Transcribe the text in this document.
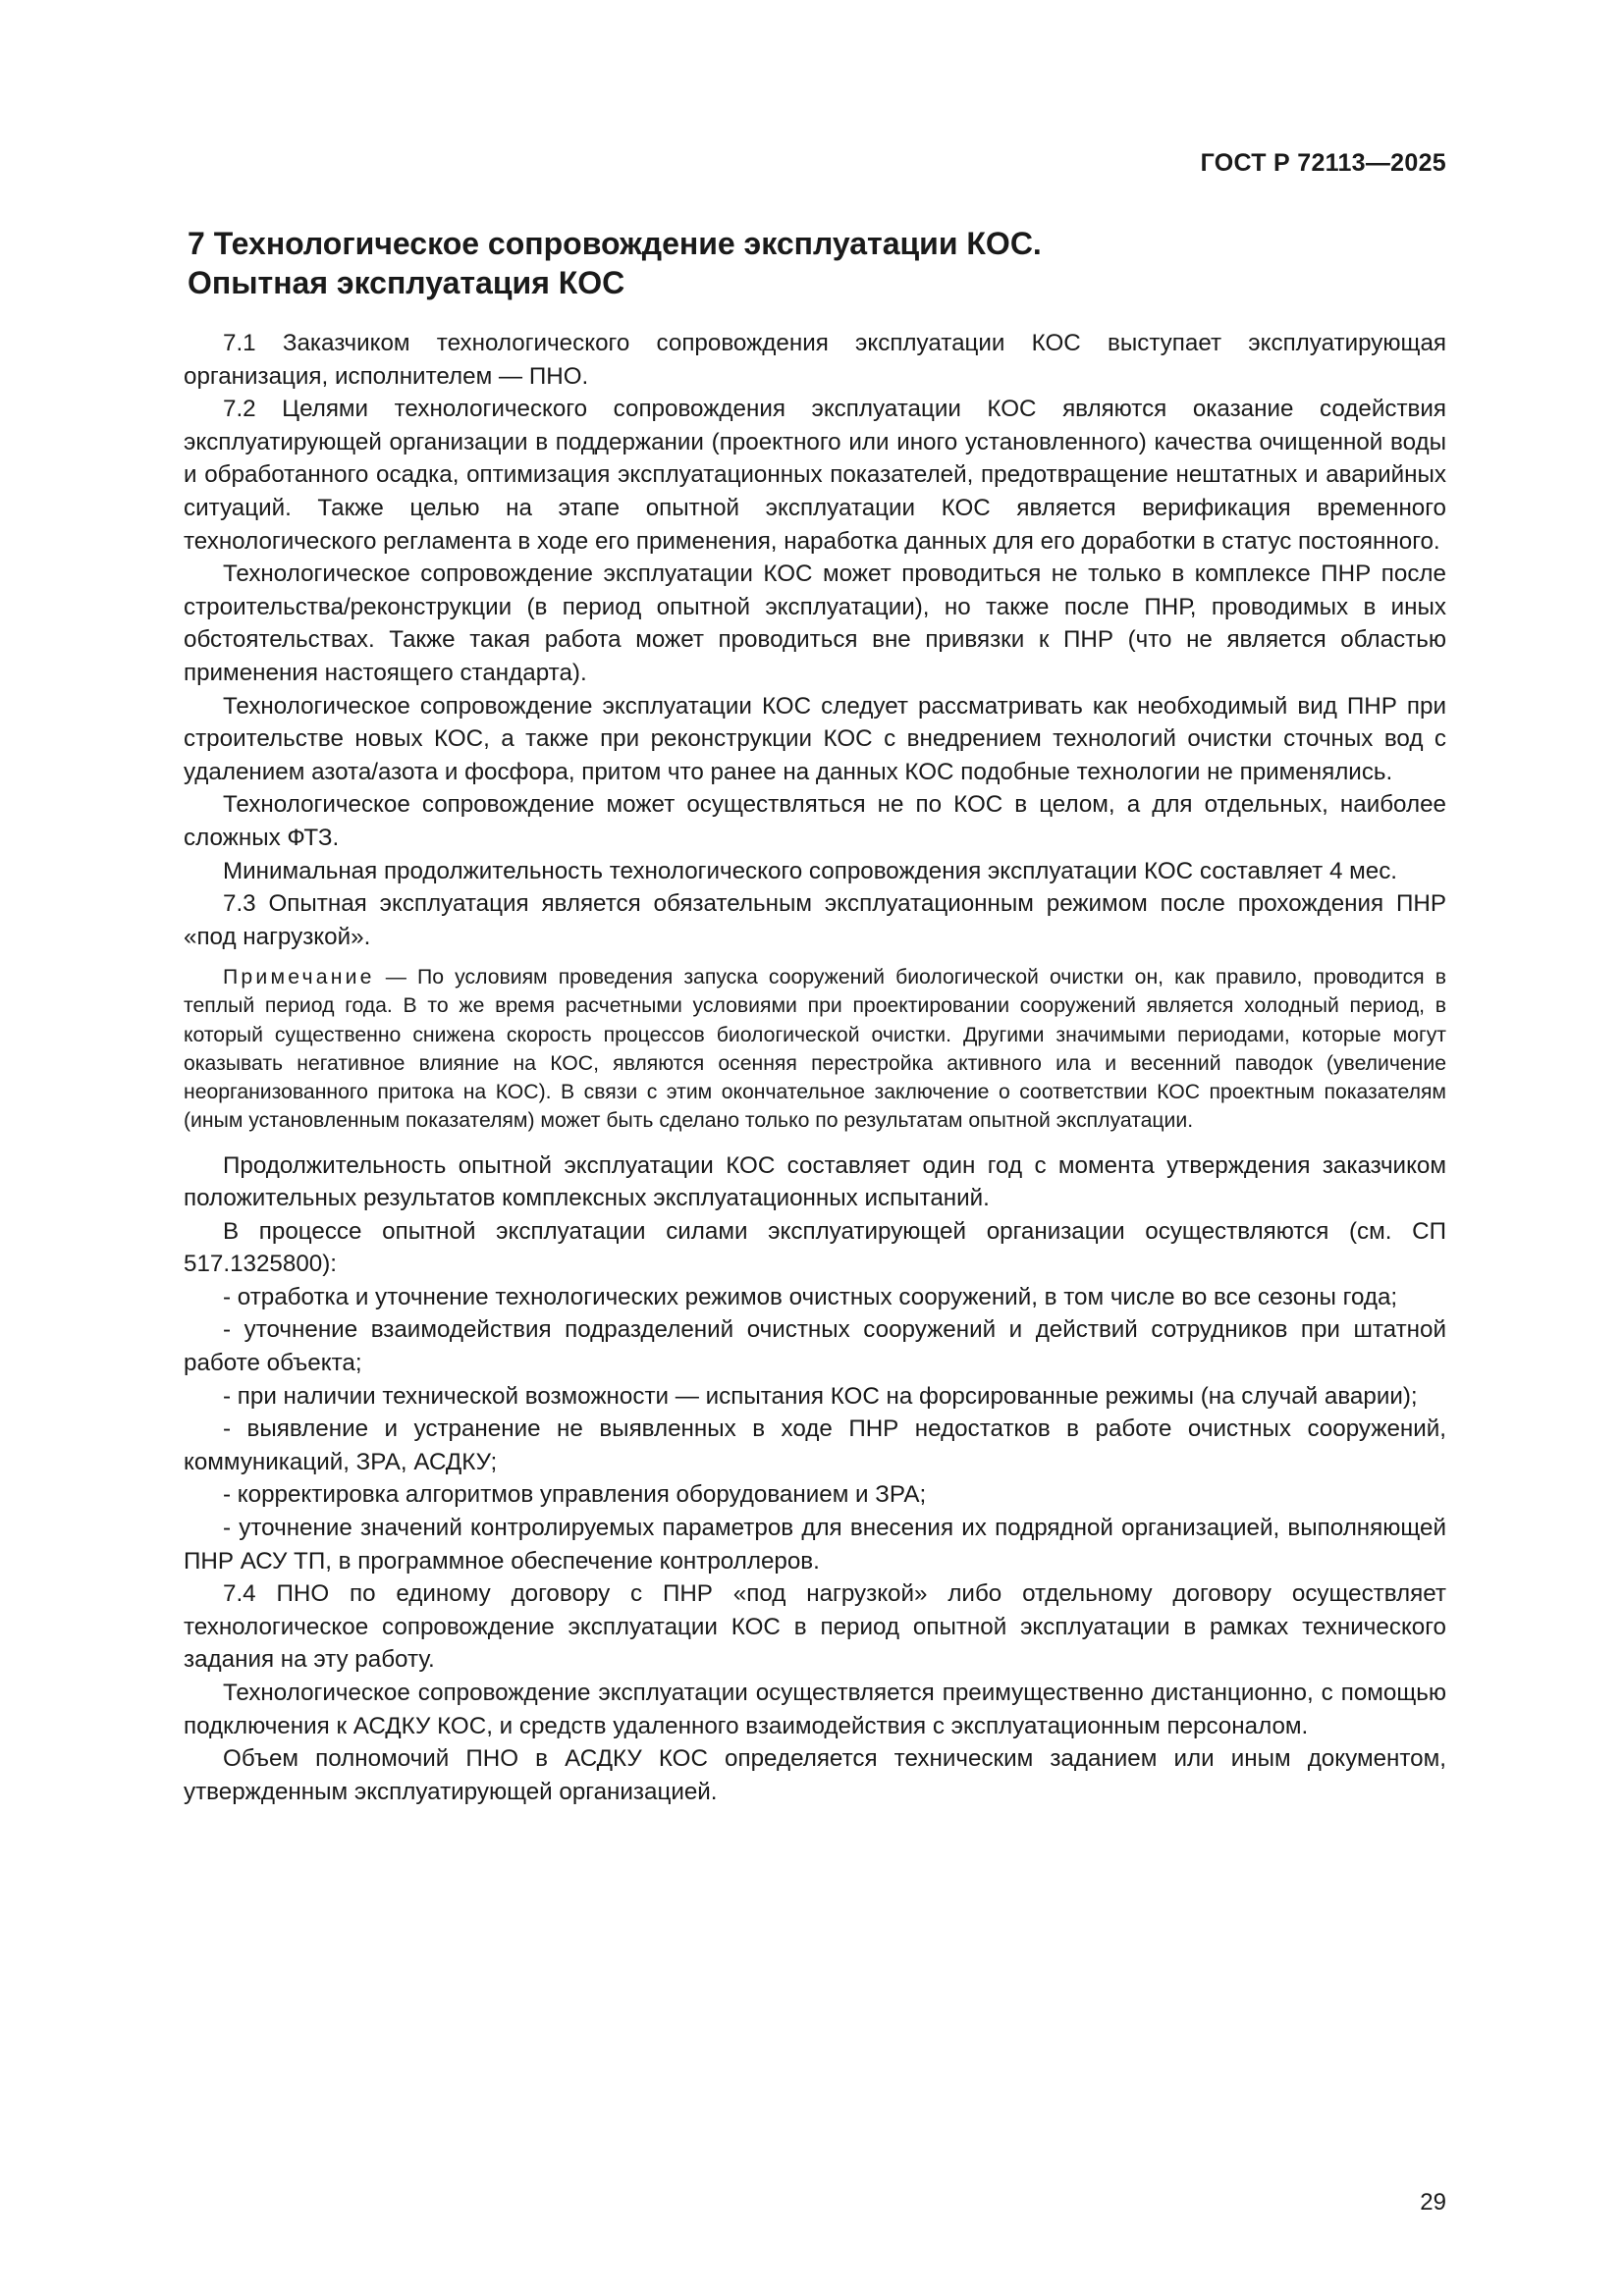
ГОСТ Р 72113—2025
7 Технологическое сопровождение эксплуатации КОС.
Опытная эксплуатация КОС

7.1 Заказчиком технологического сопровождения эксплуатации КОС выступает эксплуатирующая организация, исполнителем — ПНО.

7.2 Целями технологического сопровождения эксплуатации КОС являются оказание содействия эксплуатирующей организации в поддержании (проектного или иного установленного) качества очищенной воды и обработанного осадка, оптимизация эксплуатационных показателей, предотвращение нештатных и аварийных ситуаций. Также целью на этапе опытной эксплуатации КОС является верификация временного технологического регламента в ходе его применения, наработка данных для его доработки в статус постоянного.

Технологическое сопровождение эксплуатации КОС может проводиться не только в комплексе ПНР после строительства/реконструкции (в период опытной эксплуатации), но также после ПНР, проводимых в иных обстоятельствах. Также такая работа может проводиться вне привязки к ПНР (что не является областью применения настоящего стандарта).

Технологическое сопровождение эксплуатации КОС следует рассматривать как необходимый вид ПНР при строительстве новых КОС, а также при реконструкции КОС с внедрением технологий очистки сточных вод с удалением азота/азота и фосфора, притом что ранее на данных КОС подобные технологии не применялись.

Технологическое сопровождение может осуществляться не по КОС в целом, а для отдельных, наиболее сложных ФТЗ.

Минимальная продолжительность технологического сопровождения эксплуатации КОС составляет 4 мес.

7.3 Опытная эксплуатация является обязательным эксплуатационным режимом после прохождения ПНР «под нагрузкой».

Примечание — По условиям проведения запуска сооружений биологической очистки он, как правило, проводится в теплый период года. В то же время расчетными условиями при проектировании сооружений является холодный период, в который существенно снижена скорость процессов биологической очистки. Другими значимыми периодами, которые могут оказывать негативное влияние на КОС, являются осенняя перестройка активного ила и весенний паводок (увеличение неорганизованного притока на КОС). В связи с этим окончательное заключение о соответствии КОС проектным показателям (иным установленным показателям) может быть сделано только по результатам опытной эксплуатации.

Продолжительность опытной эксплуатации КОС составляет один год с момента утверждения заказчиком положительных результатов комплексных эксплуатационных испытаний.

В процессе опытной эксплуатации силами эксплуатирующей организации осуществляются (см. СП 517.1325800):

- отработка и уточнение технологических режимов очистных сооружений, в том числе во все сезоны года;

- уточнение взаимодействия подразделений очистных сооружений и действий сотрудников при штатной работе объекта;

- при наличии технической возможности — испытания КОС на форсированные режимы (на случай аварии);

- выявление и устранение не выявленных в ходе ПНР недостатков в работе очистных сооружений, коммуникаций, ЗРА, АСДКУ;

- корректировка алгоритмов управления оборудованием и ЗРА;

- уточнение значений контролируемых параметров для внесения их подрядной организацией, выполняющей ПНР АСУ ТП, в программное обеспечение контроллеров.

7.4 ПНО по единому договору с ПНР «под нагрузкой» либо отдельному договору осуществляет технологическое сопровождение эксплуатации КОС в период опытной эксплуатации в рамках технического задания на эту работу.

Технологическое сопровождение эксплуатации осуществляется преимущественно дистанционно, с помощью подключения к АСДКУ КОС, и средств удаленного взаимодействия с эксплуатационным персоналом.

Объем полномочий ПНО в АСДКУ КОС определяется техническим заданием или иным документом, утвержденным эксплуатирующей организацией.

29
